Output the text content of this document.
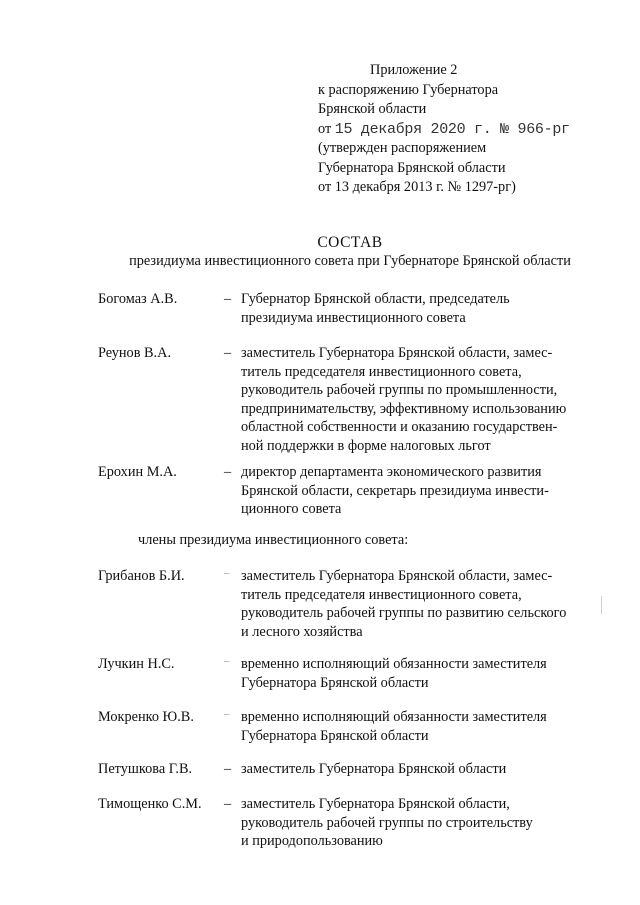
Приложение 2
к распоряжению Губернатора
Брянской области
от 15 декабря 2020 г. № 966-рг
(утвержден распоряжением
Губернатора Брянской области
от 13 декабря 2013 г. № 1297-рг)
СОСТАВ
президиума инвестиционного совета при Губернаторе Брянской области
Богомаз А.В.	– Губернатор Брянской области, председатель
президиума инвестиционного совета
Реунов В.А.	– заместитель Губернатора Брянской области, замес-
титель председателя инвестиционного совета,
руководитель рабочей группы по промышленности,
предпринимательству, эффективному использованию
областной собственности и оказанию государствен-
ной поддержки в форме налоговых льгот
Ерохин М.А.	– директор департамента экономического развития
Брянской области, секретарь президиума инвести-
ционного совета
члены президиума инвестиционного совета:
Грибанов Б.И.	– заместитель Губернатора Брянской области, замес-
титель председателя инвестиционного совета,
руководитель рабочей группы по развитию сельского
и лесного хозяйства
Лучкин Н.С.	– временно исполняющий обязанности заместителя
Губернатора Брянской области
Мокренко Ю.В.	– временно исполняющий обязанности заместителя
Губернатора Брянской области
Петушкова Г.В. – заместитель Губернатора Брянской области
Тимощенко С.М. – заместитель Губернатора Брянской области,
руководитель рабочей группы по строительству
и природопользованию
